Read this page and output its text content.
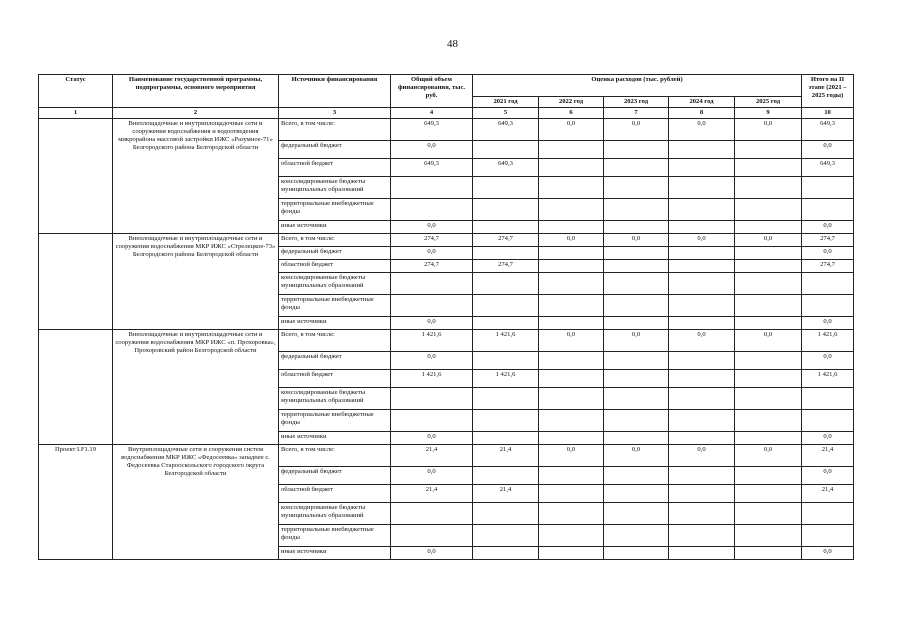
48
Статус	Наименование государственной программы, подпрограммы, основного мероприятия	Источники финансирования	Общий объем финансирования, тыс. руб.	Оценка расходов (тыс. рублей)					Итого на II этапе (2021 – 2025 годы)
				2021 год	2022 год	2023 год	2024 год	2025 год	
1	2	3	4	5	6	7	8	9	10
	Внеплощадочные и внутриплощадочные сети и сооружения водоснабжения и водоотведения микрорайона массовой застройки ИЖС «Разумное-71» Белгородского района Белгородской области	Всего, в том числе:	649,3	649,3	0,0	0,0	0,0	0,0	649,3
		федеральный бюджет	0,0						0,0
		областной бюджет	649,3	649,3					649,3
		консолидированные бюджеты муниципальных образований							
		территориальные внебюджетные фонды							
		иные источники	0,0						0,0
	Внеплощадочные и внутриплощадочные сети и сооружения водоснабжения МКР ИЖС «Стрелецкое-73» Белгородского района Белгородской области	Всего, в том числе:	274,7	274,7	0,0	0,0	0,0	0,0	274,7
		федеральный бюджет	0,0						0,0
		областной бюджет	274,7	274,7					274,7
		консолидированные бюджеты муниципальных образований							
		территориальные внебюджетные фонды							
		иные источники	0,0						0,0
	Внеплощадочные и внутриплощадочные сети и сооружения водоснабжения МКР ИЖС «п. Прохоровка», Прохоровский район Белгородской области	Всего, в том числе:	1 421,6	1 421,6	0,0	0,0	0,0	0,0	1 421,6
		федеральный бюджет	0,0						0,0
		областной бюджет	1 421,6	1 421,6					1 421,6
		консолидированные бюджеты муниципальных образований							
		территориальные внебюджетные фонды							
		иные источники	0,0						0,0
Проект I.F1.19	Внутриплощадочные сети и сооружения систем водоснабжения МКР ИЖС «Федосеевка» западнее с. Федосеевка Старооскольского городского округа Белгородской области	Всего, в том числе:	21,4	21,4	0,0	0,0	0,0	0,0	21,4
		федеральный бюджет	0,0						0,0
		областной бюджет	21,4	21,4					21,4
		консолидированные бюджеты муниципальных образований							
		территориальные внебюджетные фонды							
		иные источники	0,0						0,0
